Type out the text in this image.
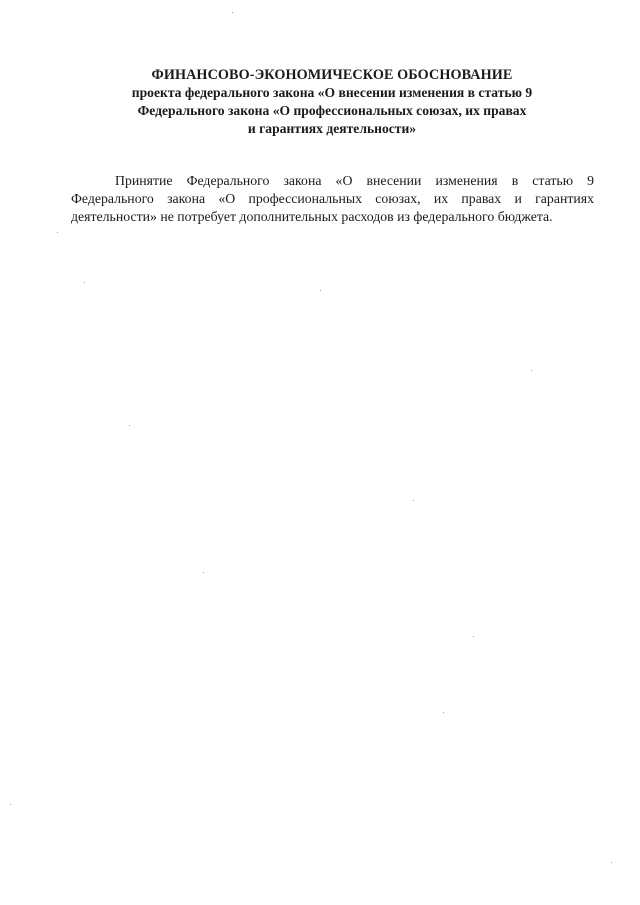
ФИНАНСОВО-ЭКОНОМИЧЕСКОЕ ОБОСНОВАНИЕ
проекта федерального закона «О внесении изменения в статью 9
Федерального закона «О профессиональных союзах, их правах
и гарантиях деятельности»

Принятие Федерального закона «О внесении изменения в статью 9 Федерального закона «О профессиональных союзах, их правах и гарантиях деятельности» не потребует дополнительных расходов из федерального бюджета.
